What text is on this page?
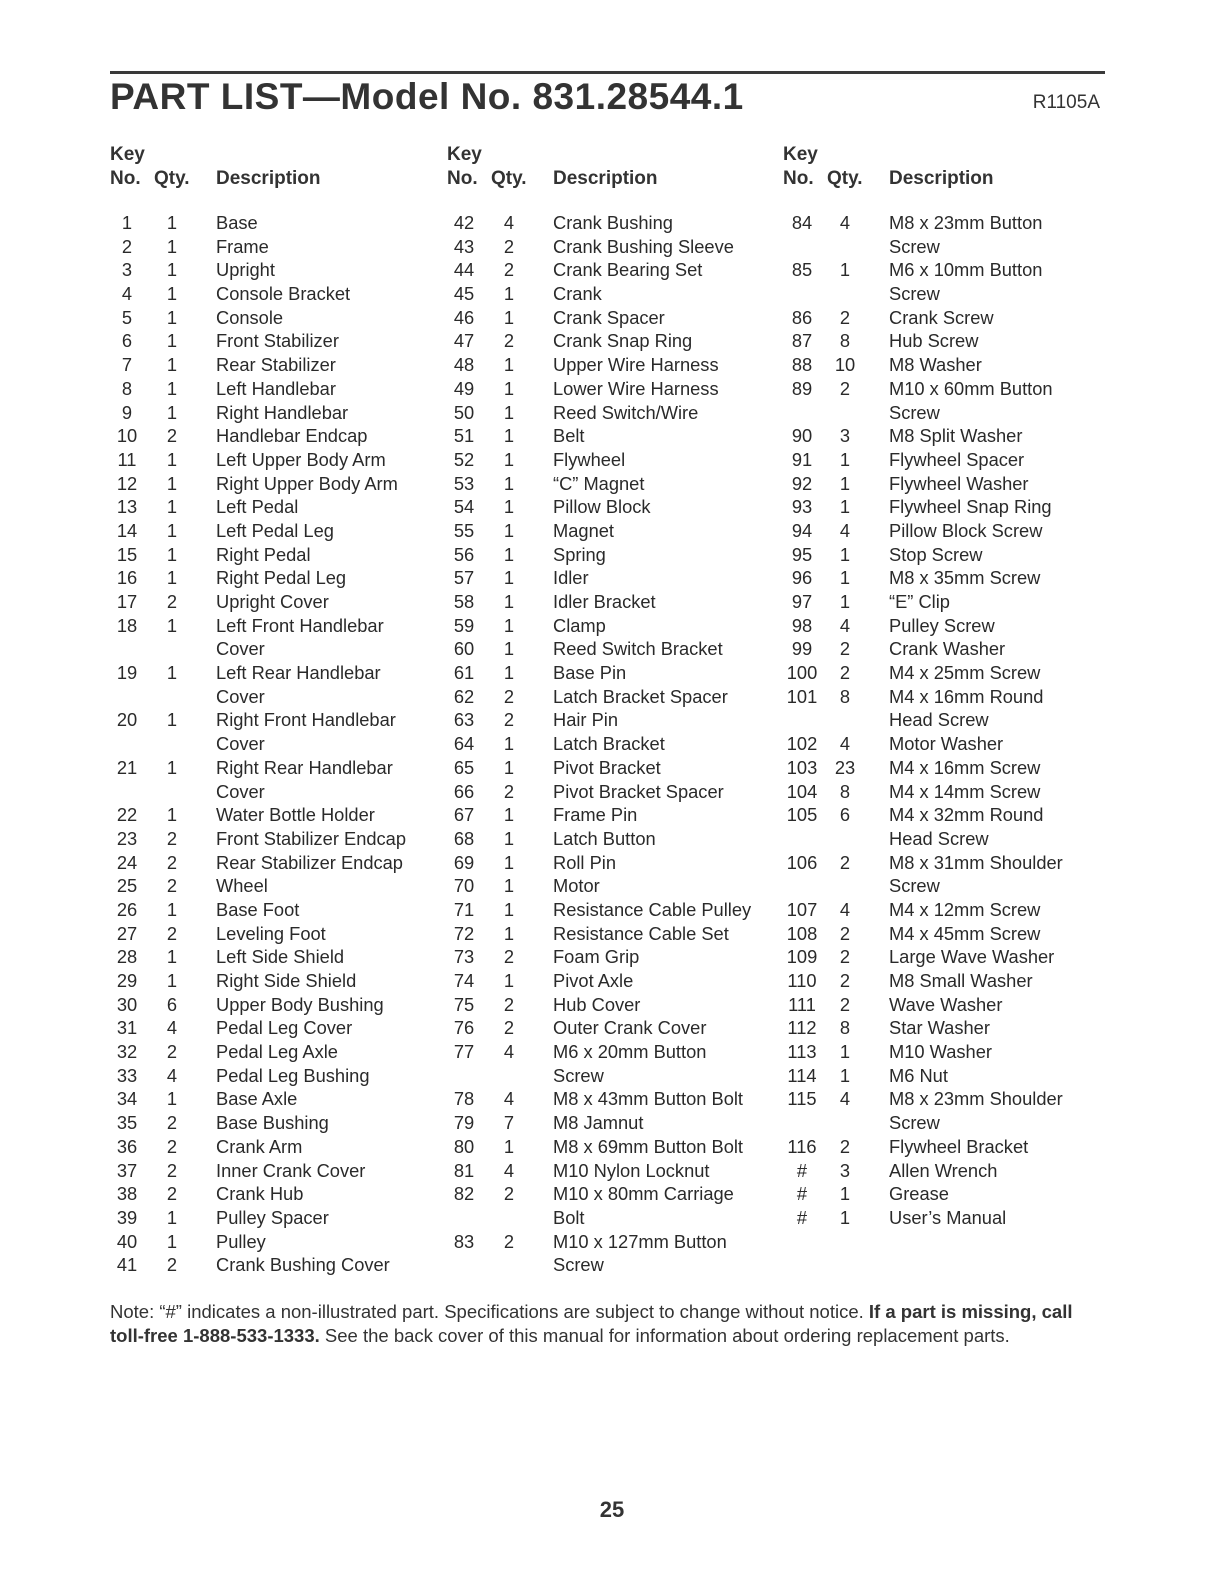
PART LIST—Model No. 831.28544.1	R1105A
Key
No. Qty. Description
1	1	Base
2	1	Frame
3	1	Upright
4	1	Console Bracket
5	1	Console
6	1	Front Stabilizer
7	1	Rear Stabilizer
8	1	Left Handlebar
9	1	Right Handlebar
10	2	Handlebar Endcap
11	1	Left Upper Body Arm
12	1	Right Upper Body Arm
13	1	Left Pedal
14	1	Left Pedal Leg
15	1	Right Pedal
16	1	Right Pedal Leg
17	2	Upright Cover
18	1	Left Front Handlebar
Cover
19	1	Left Rear Handlebar
Cover
20	1	Right Front Handlebar
Cover
21	1	Right Rear Handlebar
Cover
22	1	Water Bottle Holder
23	2	Front Stabilizer Endcap
24	2	Rear Stabilizer Endcap
25	2	Wheel
26	1	Base Foot
27	2	Leveling Foot
28	1	Left Side Shield
29	1	Right Side Shield
30	6	Upper Body Bushing
31	4	Pedal Leg Cover
32	2	Pedal Leg Axle
33	4	Pedal Leg Bushing
34	1	Base Axle
35	2	Base Bushing
36	2	Crank Arm
37	2	Inner Crank Cover
38	2	Crank Hub
39	1	Pulley Spacer
40	1	Pulley
41	2	Crank Bushing Cover
Key
No. Qty. Description
42	4	Crank Bushing
43	2	Crank Bushing Sleeve
44	2	Crank Bearing Set
45	1	Crank
46	1	Crank Spacer
47	2	Crank Snap Ring
48	1	Upper Wire Harness
49	1	Lower Wire Harness
50	1	Reed Switch/Wire
51	1	Belt
52	1	Flywheel
53	1	“C” Magnet
54	1	Pillow Block
55	1	Magnet
56	1	Spring
57	1	Idler
58	1	Idler Bracket
59	1	Clamp
60	1	Reed Switch Bracket
61	1	Base Pin
62	2	Latch Bracket Spacer
63	2	Hair Pin
64	1	Latch Bracket
65	1	Pivot Bracket
66	2	Pivot Bracket Spacer
67	1	Frame Pin
68	1	Latch Button
69	1	Roll Pin
70	1	Motor
71	1	Resistance Cable Pulley
72	1	Resistance Cable Set
73	2	Foam Grip
74	1	Pivot Axle
75	2	Hub Cover
76	2	Outer Crank Cover
77	4	M6 x 20mm Button
Screw
78	4	M8 x 43mm Button Bolt
79	7	M8 Jamnut
80	1	M8 x 69mm Button Bolt
81	4	M10 Nylon Locknut
82	2	M10 x 80mm Carriage
Bolt
83	2	M10 x 127mm Button
Screw
Key
No. Qty. Description
84	4	M8 x 23mm Button
Screw
85	1	M6 x 10mm Button
Screw
86	2	Crank Screw
87	8	Hub Screw
88	10	M8 Washer
89	2	M10 x 60mm Button
Screw
90	3	M8 Split Washer
91	1	Flywheel Spacer
92	1	Flywheel Washer
93	1	Flywheel Snap Ring
94	4	Pillow Block Screw
95	1	Stop Screw
96	1	M8 x 35mm Screw
97	1	“E” Clip
98	4	Pulley Screw
99	2	Crank Washer
100	2	M4 x 25mm Screw
101	8	M4 x 16mm Round
Head Screw
102	4	Motor Washer
103 23	M4 x 16mm Screw
104	8	M4 x 14mm Screw
105	6	M4 x 32mm Round
Head Screw
106	2	M8 x 31mm Shoulder
Screw
107	4	M4 x 12mm Screw
108	2	M4 x 45mm Screw
109	2	Large Wave Washer
110	2	M8 Small Washer
111	2	Wave Washer
112	8	Star Washer
113	1	M10 Washer
114	1	M6 Nut
115	4	M8 x 23mm Shoulder
Screw
116	2	Flywheel Bracket
#	3	Allen Wrench
#	1	Grease
#	1	User’s Manual
Note: “#” indicates a non-illustrated part. Specifications are subject to change without notice. If a part is missing, call toll-free 1-888-533-1333. See the back cover of this manual for information about ordering replacement parts.
25
